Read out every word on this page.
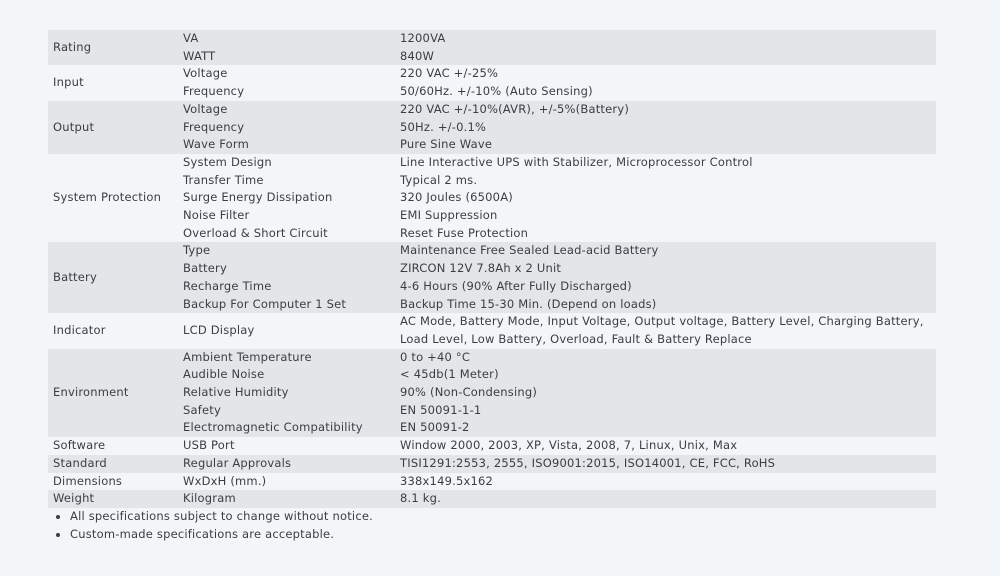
Rating	VA	1200VA
	WATT	840W
Input	Voltage	220 VAC +/-25%
	Frequency	50/60Hz. +/-10% (Auto Sensing)
Output	Voltage	220 VAC +/-10%(AVR), +/-5%(Battery)
	Frequency	50Hz. +/-0.1%
	Wave Form	Pure Sine Wave
System Protection	System Design	Line Interactive UPS with Stabilizer, Microprocessor Control
	Transfer Time	Typical 2 ms.
	Surge Energy Dissipation	320 Joules (6500A)
	Noise Filter	EMI Suppression
	Overload & Short Circuit	Reset Fuse Protection
Battery	Type	Maintenance Free Sealed Lead-acid Battery
	Battery	ZIRCON 12V 7.8Ah x 2 Unit
	Recharge Time	4-6 Hours (90% After Fully Discharged)
	Backup For Computer 1 Set	Backup Time 15-30 Min. (Depend on loads)
Indicator	LCD Display	AC Mode, Battery Mode, Input Voltage, Output voltage, Battery Level, Charging Battery, Load Level, Low Battery, Overload, Fault & Battery Replace
Environment	Ambient Temperature	0 to +40 °C
	Audible Noise	< 45db(1 Meter)
	Relative Humidity	90% (Non-Condensing)
	Safety	EN 50091-1-1
	Electromagnetic Compatibility	EN 50091-2
Software	USB Port	Window 2000, 2003, XP, Vista, 2008, 7, Linux, Unix, Max
Standard	Regular Approvals	TISI1291:2553, 2555, ISO9001:2015, ISO14001, CE, FCC, RoHS
Dimensions	WxDxH (mm.)	338x149.5x162
Weight	Kilogram	8.1 kg.
• All specifications subject to change without notice.
• Custom-made specifications are acceptable.
